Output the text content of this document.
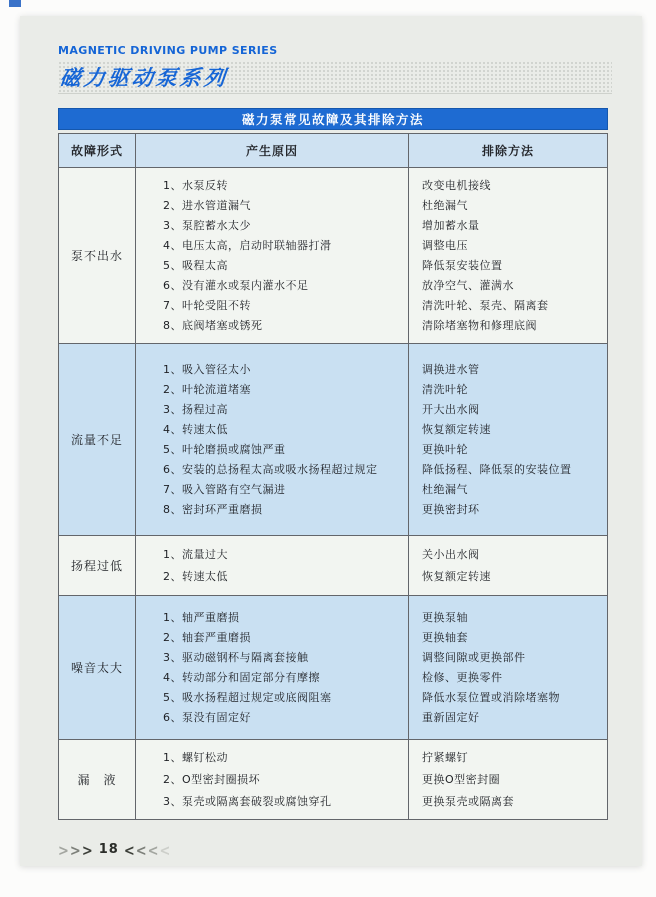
MAGNETIC DRIVING PUMP SERIES
磁力驱动泵系列
磁力泵常见故障及其排除方法
故障形式	产生原因	排除方法
泵不出水
1、水泵反转
2、进水管道漏气
3、泵腔蓄水太少
4、电压太高，启动时联轴器打滑
5、吸程太高
6、没有灌水或泵内灌水不足
7、叶轮受阻不转
8、底阀堵塞或锈死
改变电机接线
杜绝漏气
增加蓄水量
调整电压
降低泵安装位置
放净空气、灌满水
清洗叶轮、泵壳、隔离套
清除堵塞物和修理底阀
流量不足
1、吸入管径太小
2、叶轮流道堵塞
3、扬程过高
4、转速太低
5、叶轮磨损或腐蚀严重
6、安装的总扬程太高或吸水扬程超过规定
7、吸入管路有空气漏进
8、密封环严重磨损
调换进水管
清洗叶轮
开大出水阀
恢复额定转速
更换叶轮
降低扬程、降低泵的安装位置
杜绝漏气
更换密封环
扬程过低
1、流量过大
2、转速太低
关小出水阀
恢复额定转速
噪音太大
1、轴严重磨损
2、轴套严重磨损
3、驱动磁钢杯与隔离套接触
4、转动部分和固定部分有摩擦
5、吸水扬程超过规定或底阀阻塞
6、泵没有固定好
更换泵轴
更换轴套
调整间隙或更换部件
检修、更换零件
降低水泵位置或消除堵塞物
重新固定好
漏　液
1、螺钉松动
2、O型密封圈损坏
3、泵壳或隔离套破裂或腐蚀穿孔
拧紧螺钉
更换O型密封圈
更换泵壳或隔离套
>>> 18 <<<<
